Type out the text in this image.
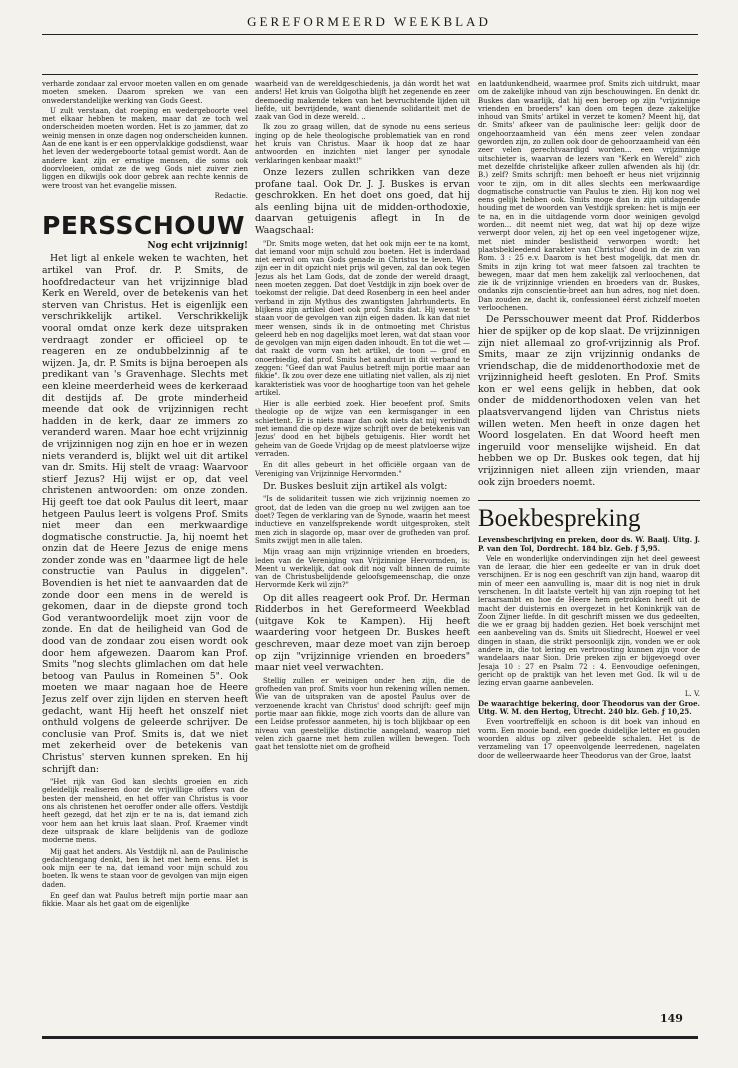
GEREFORMEERD WEEKBLAD

verharde zondaar zal ervoor moeten vallen en om genade moeten smeken. Daarom spreken we van een onwederstandelijke werking van Gods Geest.

U zult verstaan, dat roeping en wedergeboorte veel met elkaar hebben te maken, maar dat ze toch wel onderscheiden moeten worden. Het is zo jammer, dat zo weinig mensen in onze dagen nog onderscheiden kunnen. Aan de ene kant is er een oppervlakkige godsdienst, waar het leven der wedergeboorte totaal gemist wordt. Aan de andere kant zijn er ernstige mensen, die soms ook doorvloeien, omdat ze de weg Gods niet zuiver zien liggen en dikwijls ook door gebrek aan rechte kennis de were troost van het evangelie missen.

Redactie.

PERSSCHOUW
Nog echt vrijzinnig!

Het ligt al enkele weken te wachten, het artikel van Prof. dr. P. Smits, de hoofdredacteur van het vrijzinnige blad Kerk en Wereld, over de betekenis van het sterven van Christus. Het is eigenlijk een verschrikkelijk artikel. Verschrikkelijk vooral omdat onze kerk deze uitspraken verdraagt zonder er officieel op te reageren en ze ondubbelzinnig af te wijzen. Ja, dr. P. Smits is bijna beroepen als predikant van 's Gravenhage. Slechts met een kleine meerderheid wees de kerkeraad dit destijds af. De grote minderheid meende dat ook de vrijzinnigen recht hadden in de kerk, daar ze immers zo veranderd waren. Maar hoe echt vrijzinnig de vrijzinnigen nog zijn en hoe er in wezen niets veranderd is, blijkt wel uit dit artikel van dr. Smits. Hij stelt de vraag: Waarvoor stierf Jezus? Hij wijst er op, dat veel christenen antwoorden: om onze zonden. Hij geeft toe dat ook Paulus dit leert, maar hetgeen Paulus leert is volgens Prof. Smits niet meer dan een merkwaardige dogmatische constructie. Ja, hij noemt het onzin dat de Heere Jezus de enige mens zonder zonde was en "daarmee ligt de hele constructie van Paulus in diggelen". Bovendien is het niet te aanvaarden dat de zonde door een mens in de wereld is gekomen, daar in de diepste grond toch God verantwoordelijk moet zijn voor de zonde. En dat de heiligheid van God de dood van de zondaar zou eisen wordt ook door hem afgewezen. Daarom kan Prof. Smits "nog slechts glimlachen om dat hele betoog van Paulus in Romeinen 5". Ook moeten we maar nagaan hoe de Heere Jezus zelf over zijn lijden en sterven heeft gedacht, want Hij heeft het onszelf niet onthuld volgens de geleerde schrijver. De conclusie van Prof. Smits is, dat we niet met zekerheid over de betekenis van Christus' sterven kunnen spreken. En hij schrijft dan:

"Het rijk van God kan slechts groeien en zich geleidelijk realiseren door de vrijwillige offers van de besten der mensheid, en het offer van Christus is voor ons als christenen het oeroffer onder alle offers. Vestdijk heeft gezegd, dat het zijn er te na is, dat iemand zich voor hem aan het kruis laat slaan. Prof. Kraemer vindt deze uitspraak de klare belijdenis van de godloze moderne mens.

Mij gaat het anders. Als Vestdijk nl. aan de Paulinische gedachtengang denkt, ben ik het met hem eens. Het is ook mijn eer te na, dat iemand voor mijn schuld zou boeten. Ik wens te staan voor de gevolgen van mijn eigen daden.

En geef dan wat Paulus betreft mijn portie maar aan fikkie. Maar als het gaat om de eigenlijke

waarheid van de wereldgeschiedenis, ja dán wordt het wat anders! Het kruis van Golgotha blijft het zegenende en zeer deemoedig makende teken van het bevruchtende lijden uit liefde, uit bevrijdende, want dienende solidariteit met de zaak van God in deze wereld. ..

Ik zou zo graag willen, dat de synode nu eens serieus inging op de hele theologische problematiek van en rond het kruis van Christus. Maar ik hoop dat ze haar antwoorden en inzichten niet langer per synodale verklaringen kenbaar maakt!"

Onze lezers zullen schrikken van deze profane taal. Ook Dr. J. J. Buskes is ervan geschrokken. En het doet ons goed, dat hij als eenling bijna uit de midden-orthodoxie, daarvan getuigenis aflegt in In de Waagschaal:

"Dr. Smits moge weten, dat het ook mijn eer te na komt, dat iemand voor mijn schuld zou boeten. Het is inderdaad niet eervol om van Gods genade in Christus te leven. Wie zijn eer in dit opzicht niet prijs wil geven, zal dan ook tegen Jezus als het Lam Gods, dat de zonde der wereld draagt, neen moeten zeggen. Dat doet Vestdijk in zijn boek over de toekomst der religie. Dat deed Rosenberg in een heel ander verband in zijn Mythus des zwantigsten Jahrhunderts. En blijkens zijn artikel doet ook prof. Smits dat. Hij wenst te staan voor de gevolgen van zijn eigen daden. Ik kan dat niet meer wensen, sinds ik in de ontmoeting met Christus geleerd heb en nog dagelijks moet leren, wat dat staan voor de gevolgen van mijn eigen daden inhoudt. En tot die wet — dat raakt de vorm van het artikel, de toon — grof en onoerbiedig, dat prof. Smits het aanduurt in dit verband te zeggen: "Geef dan wat Paulus betreft mijn portie maar aan fikkie". Ik zou over deze ene uitlating niet vallen, als zij niet karakteristiek was voor de hooghartige toon van het gehele artikel.

Hier is alle eerbied zoek. Hier beoefent prof. Smits theologie op de wijze van een kermisganger in een schiettent. Er is niets maar dan ook niets dat mij verbindt met iemand die op deze wijze schrijft over de betekenis van Jezus' dood en het bijbels getuigenis. Hier wordt het geheim van de Goede Vrijdag op de meest platvloerse wijze verraden.

En dit alles gebeurt in het officiële orgaan van de Vereniging van Vrijzinnige Hervormden."

Dr. Buskes besluit zijn artikel als volgt:

"Is de solidariteit tussen wie zich vrijzinnig noemen zo groot, dat de leden van die groep nu wel zwijgen aan toe doet? Tegen de verklaring van de Synode, waarin het meest inductieve en vanzelfsprekende wordt uitgesproken, stelt men zich in slagorde op, maar over de grofheden van prof. Smits zwijgt men in alle talen.

Mijn vraag aan mijn vrijzinnige vrienden en broeders, leden van de Vereniging van Vrijzinnige Hervormden, is: Meent u werkelijk, dat ook dit nog valt binnen de ruimte van de Christusbelijdende geloofsgemeenschap, die onze Hervormde Kerk wil zijn?"

Op dit alles reageert ook Prof. Dr. Herman Ridderbos in het Gereformeerd Weekblad (uitgave Kok te Kampen). Hij heeft waardering voor hetgeen Dr. Buskes heeft geschreven, maar deze moet van zijn beroep op zijn "vrijzinnige vrienden en broeders" maar niet veel verwachten.

Stellig zullen er weinigen onder hen zijn, die de grofheden van prof. Smits voor hun rekening willen nemen. Wie van de uitspraken van de apostel Paulus over de verzoenende kracht van Christus' dood schrijft: geef mijn portie maar aan fikkie, moge zich voorts dan de allure van een Leidse professor aanmeten, hij is toch blijkbaar op een niveau van geestelijke distinctie aangeland, waarop niet velen zich gaarne met hem zullen willen bewegen. Toch gaat het tenslotte niet om de grofheid

en laatdunkendheid, waarmee prof. Smits zich uitdrukt, maar om de zakelijke inhoud van zijn beschouwingen. En denkt dr. Buskes dan waarlijk, dat hij een beroep op zijn "vrijzinnige vrienden en broeders" kan doen om tegen deze zakelijke inhoud van Smits' artikel in verzet te komen? Meent hij, dat dr. Smits' afkeer van de paulinische leer: gelijk door de ongehoorzaamheid van één mens zeer velen zondaar geworden zijn, zo zullen ook door de gehoorzaamheid van één zeer velen gerechtvaardigd worden... een vrijzinnige uitschieter is, waarvan de lezers van "Kerk en Wereld" zich met dezelfde christelijke afkeer zullen afwenden als hij (dr. B.) zelf? Smits schrijft: men behoeft er heus niet vrijzinnig voor te zijn, om in dit alles slechts een merkwaardige dogmatische constructie van Paulus te zien. Hij kon nog wel eens gelijk hebben ook. Smits moge dan in zijn uitdagende houding met de woorden van Vestdijk spreken: het is mijn eer te na, en in die uitdagende vorm door weinigen gevolgd worden... dit neemt niet weg, dat wat hij op deze wijze verwerpt door velen, zij het op een veel ingetogener wijze, met niet minder beslistheid verworpen wordt: het plaatsbekleedend karakter van Christus' dood in de zin van Rom. 3 : 25 e.v. Daarom is het best mogelijk, dat men dr. Smits in zijn kring tot wat meer fatsoen zal trachten te bewegen, maar dat men hem zakelijk zal verloochenen, dat zie ik de vrijzinnige vrienden en broeders van dr. Buskes, ondanks zijn conscientie-breet aan hun adres, nog niet doen. Dan zouden ze, dacht ik, confessioneel éérst zichzelf moeten verloochenen.

De Persschouwer meent dat Prof. Ridderbos hier de spijker op de kop slaat. De vrijzinnigen zijn niet allemaal zo grof-vrijzinnig als Prof. Smits, maar ze zijn vrijzinnig ondanks de vriendschap, die de middenorthodoxie met de vrijzinnigheid heeft gesloten. En Prof. Smits kon er wel eens gelijk in hebben, dat ook onder de middenorthodoxen velen van het plaatsvervangend lijden van Christus niets willen weten. Men heeft in onze dagen het Woord losgelaten. En dat Woord heeft men ingeruild voor menselijke wijsheid. En dat hebben we op Dr. Buskes ook tegen, dat hij vrijzinnigen niet alleen zijn vrienden, maar ook zijn broeders noemt.

Boekbespreking

Levensbeschrijving en preken, door ds. W. Baaij. Uitg. J. P. van den Tol, Dordrecht. 184 blz. Geb. ƒ 5,95.

Vele en wonderlijke ondervindingen zijn het deel geweest van de leraar, die hier een gedeelte er van in druk doet verschijnen. Er is nog een geschrift van zijn hand, waarop dit min of meer een aanvulling is, maar dit is nog niet in druk verschenen. In dit laatste vertelt hij van zijn roeping tot het leraarsambt en hoe de Heere hem getrokken heeft uit de macht der duisternis en overgezet in het Koninkrijk van de Zoon Zijner liefde. In dit geschrift missen we dus gedeelten, die we er graag bij hadden gezien. Het boek verschijnt met een aanbeveling van ds. Smits uit Sliedrecht, Hoewel er veel dingen in staan, die strikt persoonlijk zijn, vonden we er ook andere in, die tot lering en vertroosting kunnen zijn voor de wandelaars naar Sion. Drie preken zijn er bijgevoegd over Jesaja 10 : 27 en Psalm 72 : 4. Eenvoudige oefeningen, gericht op de praktijk van het leven met God. Ik wil u de lezing ervan gaarne aanbevelen.

L. V.

De waarachtige bekering, door Theodorus van der Groe. Uitg. W. M. den Hertog, Utrecht. 240 blz. Geb. ƒ 10,25.

Even voortreffelijk en schoon is dit boek van inhoud en vorm. Een mooie band, een goede duidelijke letter en gouden woorden aldus op zilver gebeelde schalen. Het is de verzameling van 17 opeenvolgende leerredenen, nagelaten door de welleerwaarde heer Theodorus van der Groe, laatst

149
